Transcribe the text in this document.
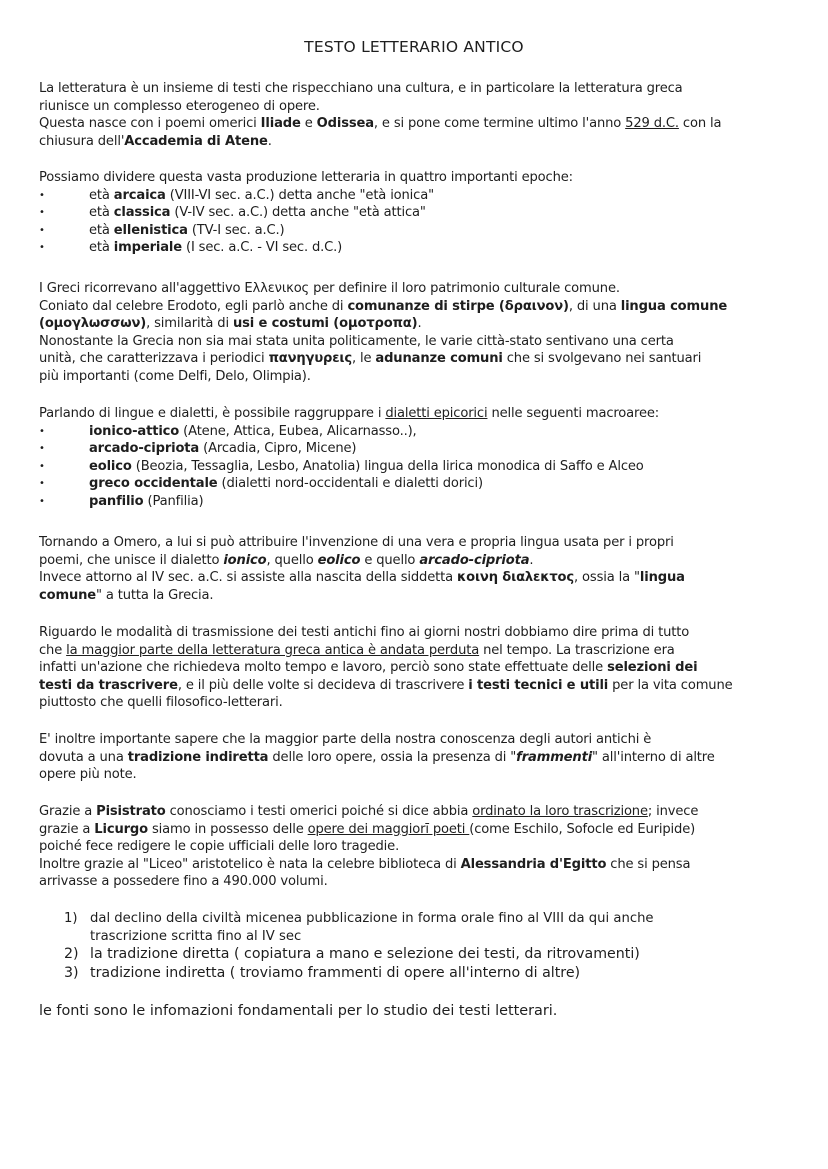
TESTO LETTERARIO ANTICO

La letteratura è un insieme di testi che rispecchiano una cultura, e in particolare la letteratura greca

riunisce un complesso eterogeneo di opere.

Questa nasce con i poemi omerici Iliade e Odissea, e si pone come termine ultimo l'anno 529 d.C. con la

chiusura dell'Accademia di Atene.

Possiamo dividere questa vasta produzione letteraria in quattro importanti epoche:

•	età arcaica (VIII-VI sec. a.C.) detta anche "età ionica"
•	età classica (V-IV sec. a.C.) detta anche "età attica"
•	età ellenistica (TV-I sec. a.C.)
•	età imperiale (I sec. a.C. - VI sec. d.C.)

I Greci ricorrevano all'aggettivo Ελλενικος per definire il loro patrimonio culturale comune.

Coniato dal celebre Erodoto, egli parlò anche di comunanze di stirpe (δραινον), di una lingua comune

(ομογλωσσων), similarità di usi e costumi (ομοτροπα).

Nonostante la Grecia non sia mai stata unita politicamente, le varie città-stato sentivano una certa

unità, che caratterizzava i periodici πανηγυρεις, le adunanze comuni che si svolgevano nei santuari

più importanti (come Delfi, Delo, Olimpia).

Parlando di lingue e dialetti, è possibile raggruppare i dialetti epicorici nelle seguenti macroaree:

•	ionico-attico (Atene, Attica, Eubea, Alicarnasso..),
•	arcado-cipriota (Arcadia, Cipro, Micene)
•	eolico (Beozia, Tessaglia, Lesbo, Anatolia) lingua della lirica monodica di Saffo e Alceo
•	greco occidentale (dialetti nord-occidentali e dialetti dorici)
•	panfilio (Panfilia)

Tornando a Omero, a lui si può attribuire l'invenzione di una vera e propria lingua usata per i propri

poemi, che unisce il dialetto ionico, quello eolico e quello arcado-cipriota.

Invece attorno al IV sec. a.C. si assiste alla nascita della siddetta κοινη διαλεκτος, ossia la "lingua

comune" a tutta la Grecia.

Riguardo le modalità di trasmissione dei testi antichi fino ai giorni nostri dobbiamo dire prima di tutto

che la maggior parte della letteratura greca antica è andata perduta nel tempo. La trascrizione era

infatti un'azione che richiedeva molto tempo e lavoro, perciò sono state effettuate delle selezioni dei

testi da trascrivere, e il più delle volte si decideva di trascrivere i testi tecnici e utili per la vita comune

piuttosto che quelli filosofico-letterari.

E' inoltre importante sapere che la maggior parte della nostra conoscenza degli autori antichi è

dovuta a una tradizione indiretta delle loro opere, ossia la presenza di "frammenti" all'interno di altre

opere più note.

Grazie a Pisistrato conosciamo i testi omerici poiché si dice abbia ordinato la loro trascrizione; invece

grazie a Licurgo siamo in possesso delle opere dei maggiorī poeti (come Eschilo, Sofocle ed Euripide)

poiché fece redigere le copie ufficiali delle loro tragedie.

Inoltre grazie al "Liceo" aristotelico è nata la celebre biblioteca di Alessandria d'Egitto che si pensa

arrivasse a possedere fino a 490.000 volumi.

1) dal declino della civiltà micenea pubblicazione in forma orale fino al VIII da qui anche
trascrizione scritta fino al IV sec
2) la tradizione diretta ( copiatura a mano e selezione dei testi, da ritrovamenti)
3) tradizione indiretta ( troviamo frammenti di opere all'interno di altre)
le fonti sono le infomazioni fondamentali per lo studio dei testi letterari.
